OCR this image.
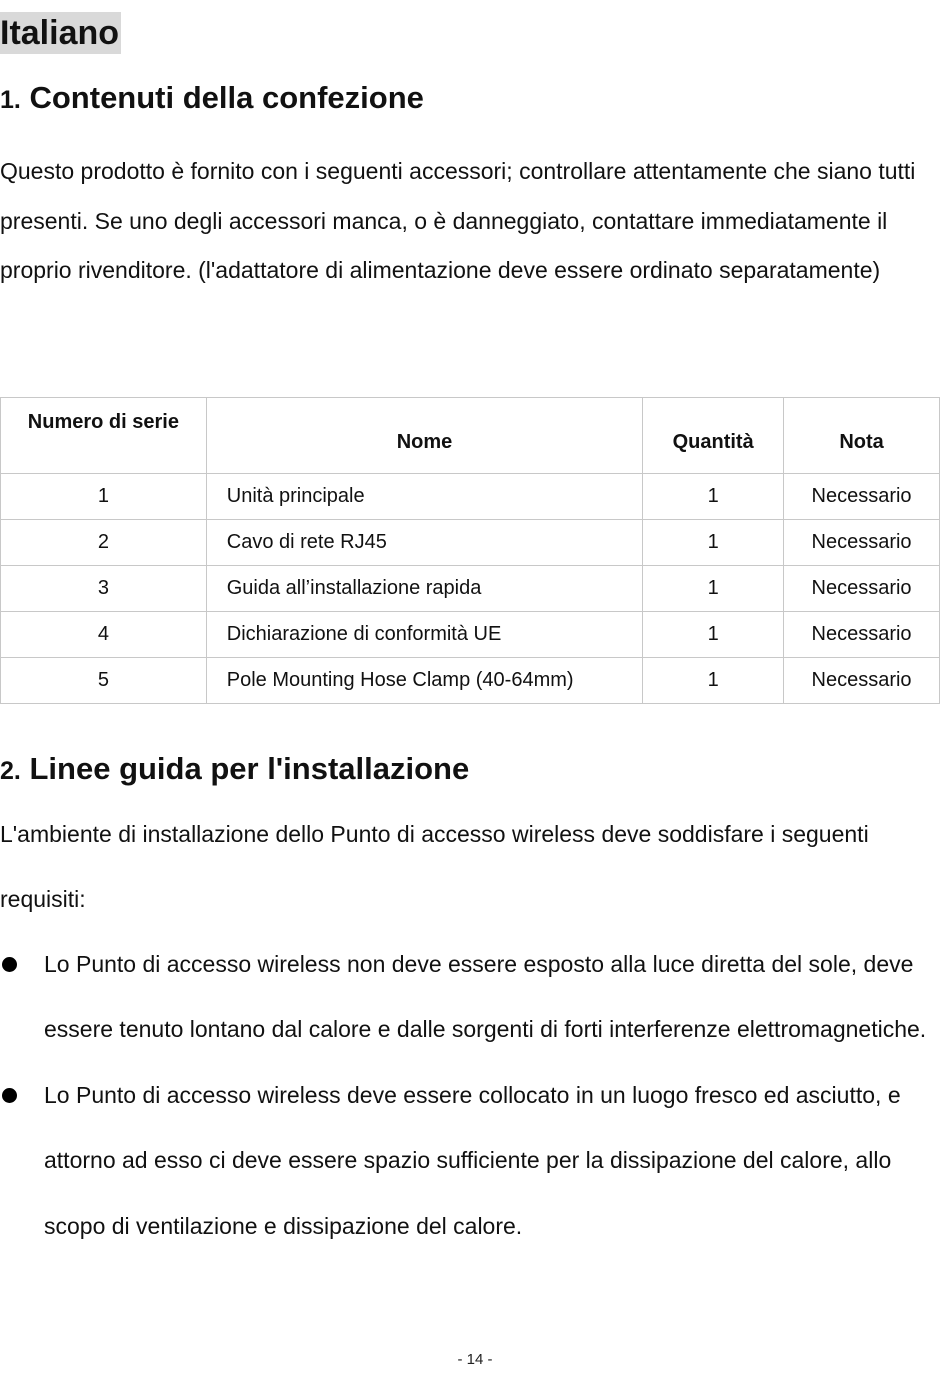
Italiano
1. Contenuti della confezione

Questo prodotto è fornito con i seguenti accessori; controllare attentamente che siano tutti presenti. Se uno degli accessori manca, o è danneggiato, contattare immediatamente il proprio rivenditore. (l'adattatore di alimentazione deve essere ordinato separatamente)

Numero di serie	Nome	Quantità	Nota
1	Unità principale	1	Necessario
2	Cavo di rete RJ45	1	Necessario
3	Guida all’installazione rapida	1	Necessario
4	Dichiarazione di conformità UE	1	Necessario
5	Pole Mounting Hose Clamp (40-64mm)	1	Necessario
2. Linee guida per l'installazione

L'ambiente di installazione dello Punto di accesso wireless deve soddisfare i seguenti requisiti:

Lo Punto di accesso wireless non deve essere esposto alla luce diretta del sole, deve essere tenuto lontano dal calore e dalle sorgenti di forti interferenze elettromagnetiche.
Lo Punto di accesso wireless deve essere collocato in un luogo fresco ed asciutto, e attorno ad esso ci deve essere spazio sufficiente per la dissipazione del calore, allo scopo di ventilazione e dissipazione del calore.
- 14 -
